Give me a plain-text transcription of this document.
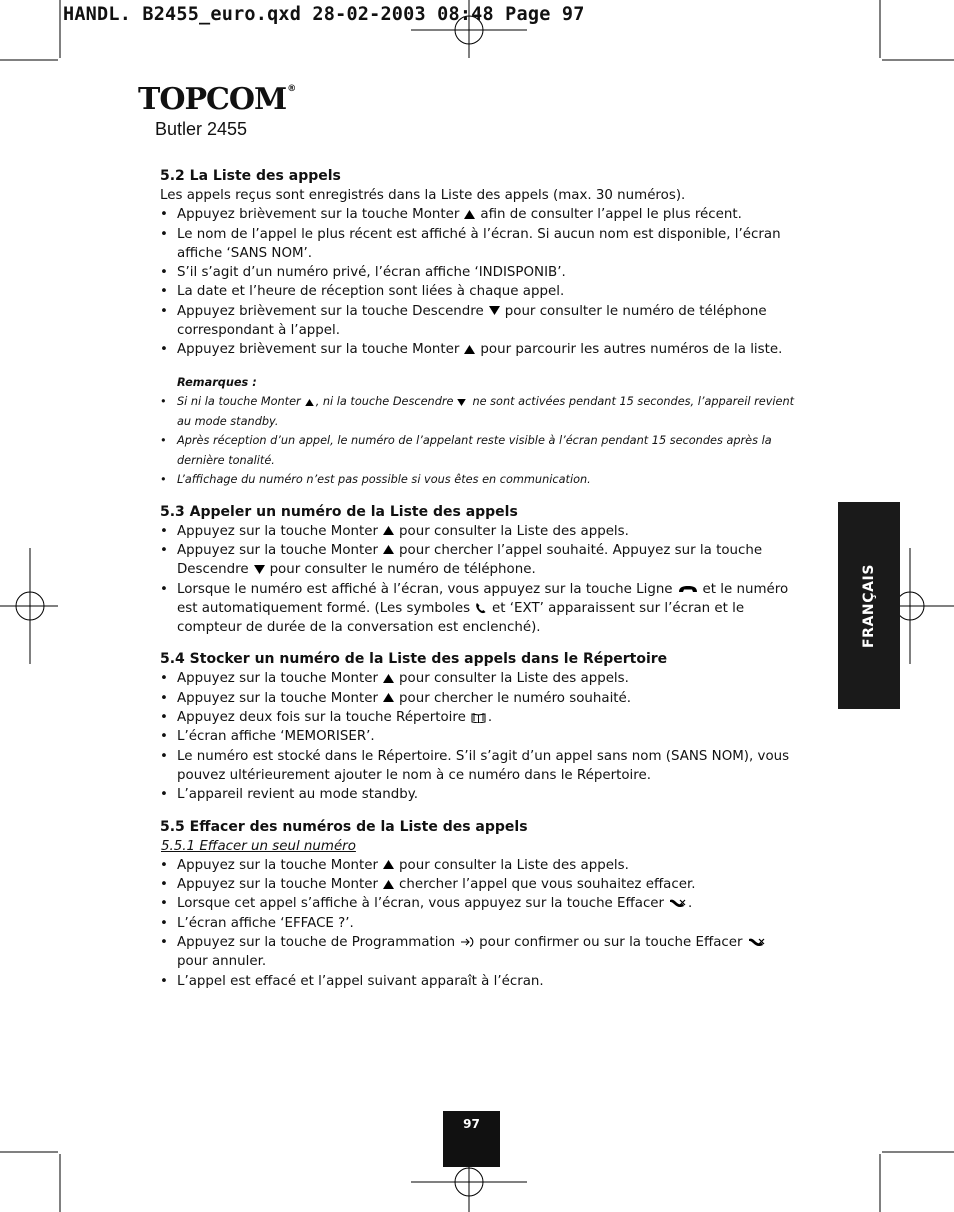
HANDL. B2455_euro.qxd 28-02-2003 08:48 Page 97
TOPCOM®
Butler 2455
5.2 La Liste des appels

Les appels reçus sont enregistrés dans la Liste des appels (max. 30 numéros).

• Appuyez brièvement sur la touche Monter afin de consulter l’appel le plus récent.
• Le nom de l’appel le plus récent est affiché à l’écran. Si aucun nom est disponible, l’écran affiche ‘SANS NOM’.
• S’il s’agit d’un numéro privé, l’écran affiche ‘INDISPONIB’.
• La date et l’heure de réception sont liées à chaque appel.
• Appuyez brièvement sur la touche Descendre pour consulter le numéro de téléphone correspondant à l’appel.
• Appuyez brièvement sur la touche Monter pour parcourir les autres numéros de la liste.
Remarques :
• Si ni la touche Monter , ni la touche Descendre ne sont activées pendant 15 secondes, l’appareil revient au mode standby.
• Après réception d’un appel, le numéro de l’appelant reste visible à l’écran pendant 15 secondes après la dernière tonalité.
• L’affichage du numéro n’est pas possible si vous êtes en communication.
5.3 Appeler un numéro de la Liste des appels
• Appuyez sur la touche Monter pour consulter la Liste des appels.
• Appuyez sur la touche Monter pour chercher l’appel souhaité. Appuyez sur la touche Descendre pour consulter le numéro de téléphone.
• Lorsque le numéro est affiché à l’écran, vous appuyez sur la touche Ligne et le numéro est automatiquement formé. (Les symboles et ‘EXT’ apparaissent sur l’écran et le compteur de durée de la conversation est enclenché).
5.4 Stocker un numéro de la Liste des appels dans le Répertoire
• Appuyez sur la touche Monter pour consulter la Liste des appels.
• Appuyez sur la touche Monter pour chercher le numéro souhaité.
• Appuyez deux fois sur la touche Répertoire .
• L’écran affiche ‘MEMORISER’.
• Le numéro est stocké dans le Répertoire. S’il s’agit d’un appel sans nom (SANS NOM), vous pouvez ultérieurement ajouter le nom à ce numéro dans le Répertoire.
• L’appareil revient au mode standby.
5.5 Effacer des numéros de la Liste des appels
5.5.1 Effacer un seul numéro
• Appuyez sur la touche Monter pour consulter la Liste des appels.
• Appuyez sur la touche Monter chercher l’appel que vous souhaitez effacer.
• Lorsque cet appel s’affiche à l’écran, vous appuyez sur la touche Effacer .
• L’écran affiche ‘EFFACE ?’.
• Appuyez sur la touche de Programmation pour confirmer ou sur la touche Effacer
pour annuler.
• L’appel est effacé et l’appel suivant apparaît à l’écran.
FRANÇAIS
97
